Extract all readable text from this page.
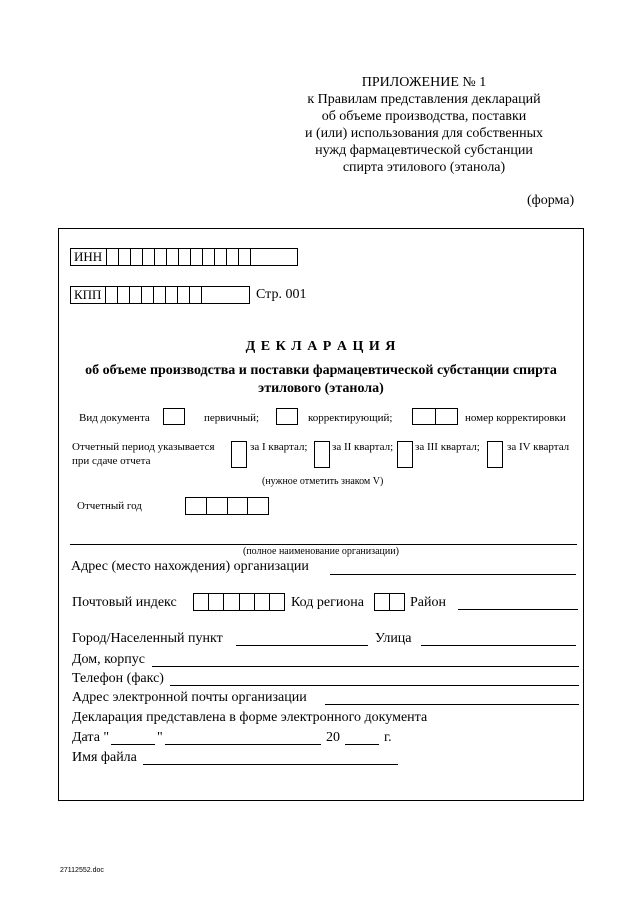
ПРИЛОЖЕНИЕ № 1
к Правилам представления деклараций
об объеме производства, поставки
и (или) использования для собственных
нужд фармацевтической субстанции
спирта этилового (этанола)
(форма)
ИНН
КПП	Стр. 001
Д Е К Л А Р А Ц И Я
об объеме производства и поставки фармацевтической субстанции спирта
этилового (этанола)
Вид документа	первичный;	корректирующий;	номер корректировки
Отчетный период указывается
при сдаче отчета
за I квартал; за II квартал; за III квартал; за IV квартал
(нужное отметить знаком V)
Отчетный год
(полное наименование организации)
Адрес (место нахождения) организации
Почтовый индекс	Код региона	Район
Город/Населенный пункт	Улица
Дом, корпус
Телефон (факс)
Адрес электронной почты организации
Декларация представлена в форме электронного документа
Дата "	"	20	г.
Имя файла
27112552.doc
